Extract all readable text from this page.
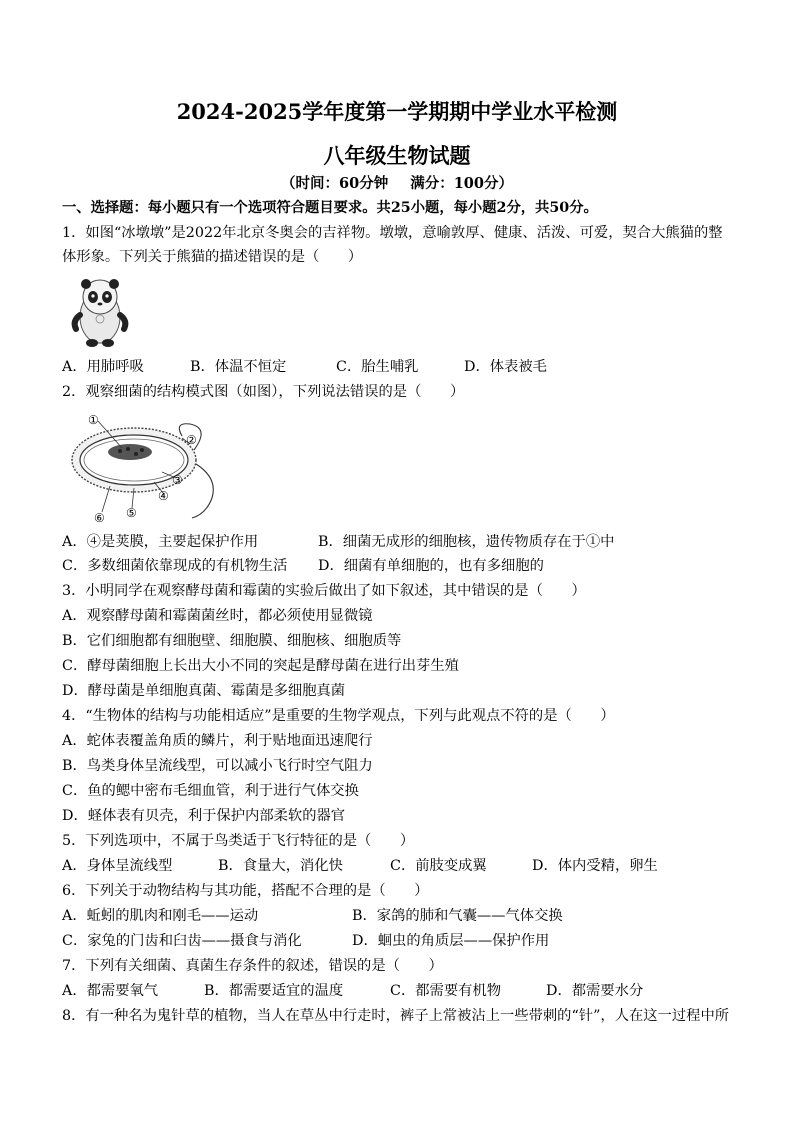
2024-2025学年度第一学期期中学业水平检测
八年级生物试题
（时间：60分钟 满分：100分）
一、选择题：每小题只有一个选项符合题目要求。共25小题，每小题2分，共50分。
1．如图“冰墩墩”是2022年北京冬奥会的吉祥物。墩墩，意喻敦厚、健康、活泼、可爱，契合大熊猫的整
体形象。下列关于熊猫的描述错误的是（　　）
A．用肺呼吸	B．体温不恒定	C．胎生哺乳	D．体表被毛
2．观察细菌的结构模式图（如图），下列说法错误的是（　　）
①
②
③
④
⑤
⑥
A．④是荚膜，主要起保护作用	B．细菌无成形的细胞核，遗传物质存在于①中
C．多数细菌依靠现成的有机物生活 D．细菌有单细胞的，也有多细胞的
3．小明同学在观察酵母菌和霉菌的实验后做出了如下叙述，其中错误的是（　　）
A．观察酵母菌和霉菌菌丝时，都必须使用显微镜
B．它们细胞都有细胞壁、细胞膜、细胞核、细胞质等
C．酵母菌细胞上长出大小不同的突起是酵母菌在进行出芽生殖
D．酵母菌是单细胞真菌、霉菌是多细胞真菌
4．“生物体的结构与功能相适应”是重要的生物学观点，下列与此观点不符的是（　　）
A．蛇体表覆盖角质的鳞片，利于贴地面迅速爬行
B．鸟类身体呈流线型，可以减小飞行时空气阻力
C．鱼的鳃中密布毛细血管，利于进行气体交换
D．蛏体表有贝壳，利于保护内部柔软的器官
5．下列选项中，不属于鸟类适于飞行特征的是（　　）
A．身体呈流线型	B．食量大，消化快	C．前肢变成翼	D．体内受精，卵生
6．下列关于动物结构与其功能，搭配不合理的是（　　）
A．蚯蚓的肌肉和刚毛——运动	B．家鸽的肺和气囊——气体交换
C．家兔的门齿和臼齿——摄食与消化	D．蛔虫的角质层——保护作用
7．下列有关细菌、真菌生存条件的叙述，错误的是（　　）
A．都需要氧气	B．都需要适宜的温度	C．都需要有机物	D．都需要水分
8．有一种名为鬼针草的植物，当人在草丛中行走时，裤子上常被沾上一些带刺的“针”，人在这一过程中所
